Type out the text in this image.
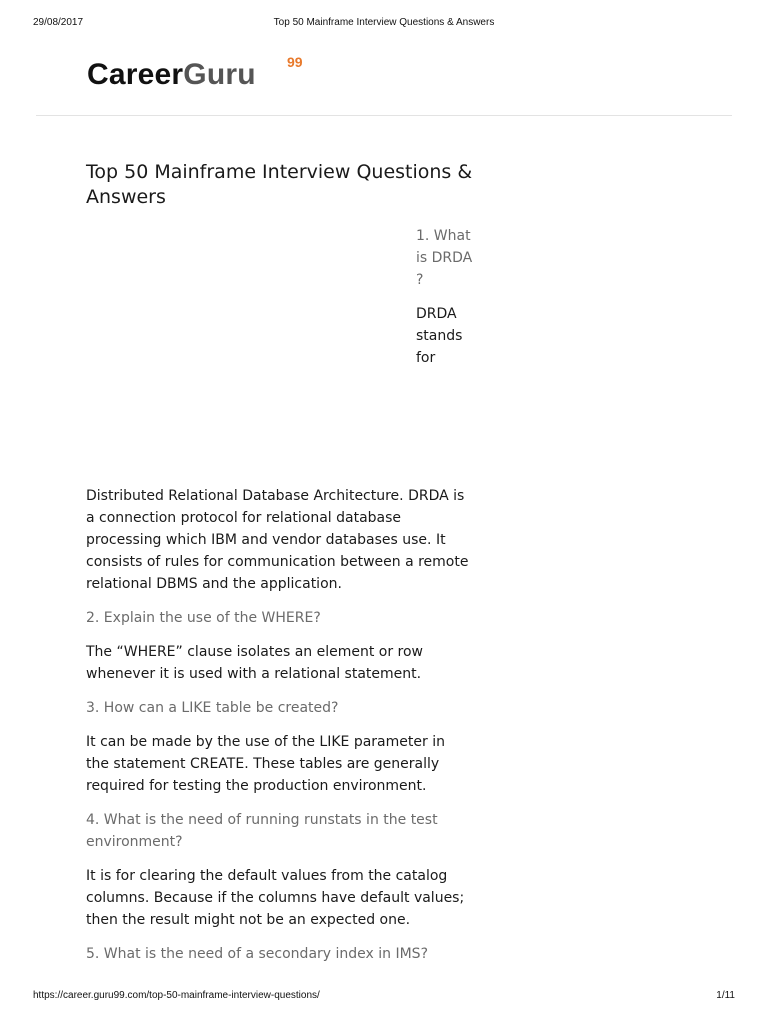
29/08/2017	Top 50 Mainframe Interview Questions & Answers
CareerGuru 99
Top 50 Mainframe Interview Questions & Answers
1. What is DRDA ?
DRDA stands for
Distributed Relational Database Architecture. DRDA is a connection protocol for relational database processing which IBM and vendor databases use. It consists of rules for communication between a remote relational DBMS and the application.
2. Explain the use of the WHERE?
The “WHERE” clause isolates an element or row whenever it is used with a relational statement.
3. How can a LIKE table be created?
It can be made by the use of the LIKE parameter in the statement CREATE. These tables are generally required for testing the production environment.
4. What is the need of running runstats in the test environment?
It is for clearing the default values from the catalog columns. Because if the columns have default values; then the result might not be an expected one.
5. What is the need of a secondary index in IMS?
https://career.guru99.com/top-50-mainframe-interview-questions/	1/11
